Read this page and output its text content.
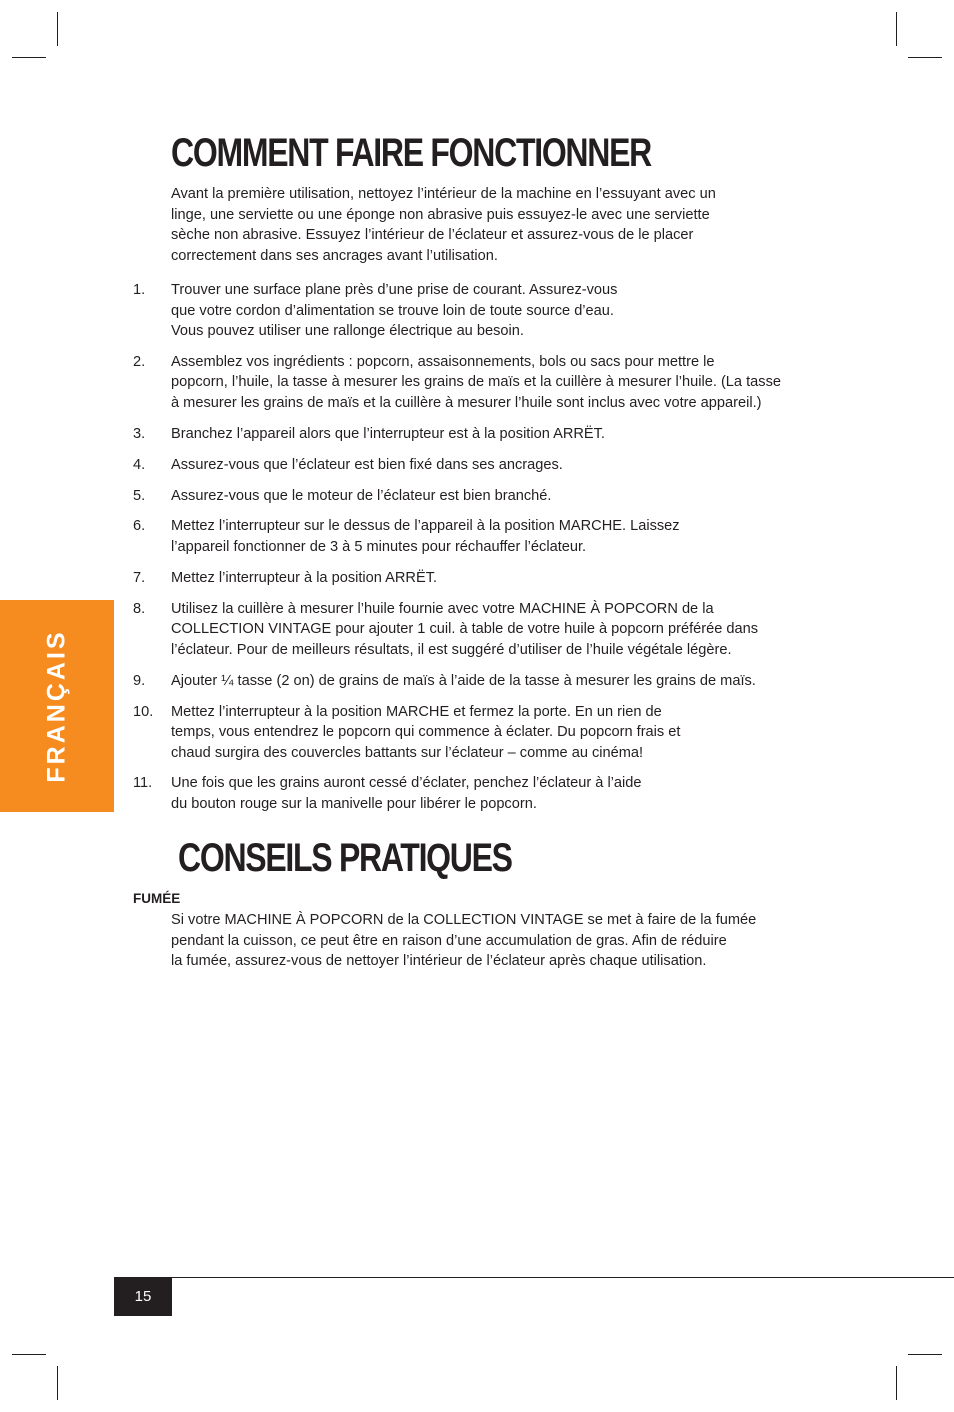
FRANÇAIS
COMMENT FAIRE FONCTIONNER

Avant la première utilisation, nettoyez l’intérieur de la machine en l’essuyant avec un linge, une serviette ou une éponge non abrasive puis essuyez-le avec une serviette sèche non abrasive. Essuyez l’intérieur de l’éclateur et assurez-vous de le placer correctement dans ses ancrages avant l’utilisation.

1. Trouver une surface plane près d’une prise de courant. Assurez-vous
que votre cordon d’alimentation se trouve loin de toute source d’eau.
Vous pouvez utiliser une rallonge électrique au besoin.
2. Assemblez vos ingrédients : popcorn, assaisonnements, bols ou sacs pour mettre le
popcorn, l’huile, la tasse à mesurer les grains de maïs et la cuillère à mesurer l’huile. (La tasse
à mesurer les grains de maïs et la cuillère à mesurer l’huile sont inclus avec votre appareil.)
3. Branchez l’appareil alors que l’interrupteur est à la position ARRËT.
4. Assurez-vous que l’éclateur est bien fixé dans ses ancrages.
5. Assurez-vous que le moteur de l’éclateur est bien branché.
6. Mettez l’interrupteur sur le dessus de l’appareil à la position MARCHE. Laissez
l’appareil fonctionner de 3 à 5 minutes pour réchauffer l’éclateur.
7. Mettez l’interrupteur à la position ARRËT.
8. Utilisez la cuillère à mesurer l’huile fournie avec votre MACHINE À POPCORN de la
COLLECTION VINTAGE pour ajouter 1 cuil. à table de votre huile à popcorn préférée dans
l’éclateur. Pour de meilleurs résultats, il est suggéré d’utiliser de l’huile végétale légère.
9. Ajouter ¼ tasse (2 on) de grains de maïs à l’aide de la tasse à mesurer les grains de maïs.
10. Mettez l’interrupteur à la position MARCHE et fermez la porte. En un rien de
temps, vous entendrez le popcorn qui commence à éclater. Du popcorn frais et
chaud surgira des couvercles battants sur l’éclateur – comme au cinéma!
11. Une fois que les grains auront cessé d’éclater, penchez l’éclateur à l’aide
du bouton rouge sur la manivelle pour libérer le popcorn.
CONSEILS PRATIQUES

FUMÉE

Si votre MACHINE À POPCORN de la COLLECTION VINTAGE se met à faire de la fumée
pendant la cuisson, ce peut être en raison d’une accumulation de gras. Afin de réduire
la fumée, assurez-vous de nettoyer l’intérieur de l’éclateur après chaque utilisation.

15
